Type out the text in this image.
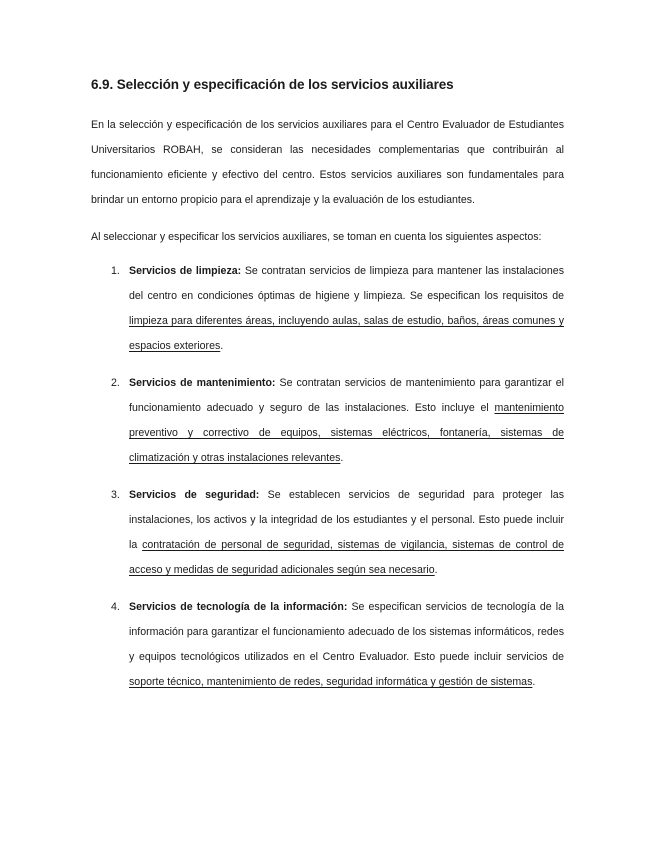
6.9. Selección y especificación de los servicios auxiliares

En la selección y especificación de los servicios auxiliares para el Centro Evaluador de Estudiantes Universitarios ROBAH, se consideran las necesidades complementarias que contribuirán al funcionamiento eficiente y efectivo del centro. Estos servicios auxiliares son fundamentales para brindar un entorno propicio para el aprendizaje y la evaluación de los estudiantes.

Al seleccionar y especificar los servicios auxiliares, se toman en cuenta los siguientes aspectos:

1. Servicios de limpieza: Se contratan servicios de limpieza para mantener las instalaciones del centro en condiciones óptimas de higiene y limpieza. Se especifican los requisitos de limpieza para diferentes áreas, incluyendo aulas, salas de estudio, baños, áreas comunes y espacios exteriores.

2. Servicios de mantenimiento: Se contratan servicios de mantenimiento para garantizar el funcionamiento adecuado y seguro de las instalaciones. Esto incluye el mantenimiento preventivo y correctivo de equipos, sistemas eléctricos, fontanería, sistemas de climatización y otras instalaciones relevantes.

3. Servicios de seguridad: Se establecen servicios de seguridad para proteger las instalaciones, los activos y la integridad de los estudiantes y el personal. Esto puede incluir la contratación de personal de seguridad, sistemas de vigilancia, sistemas de control de acceso y medidas de seguridad adicionales según sea necesario.

4. Servicios de tecnología de la información: Se especifican servicios de tecnología de la información para garantizar el funcionamiento adecuado de los sistemas informáticos, redes y equipos tecnológicos utilizados en el Centro Evaluador. Esto puede incluir servicios de soporte técnico, mantenimiento de redes, seguridad informática y gestión de sistemas.
